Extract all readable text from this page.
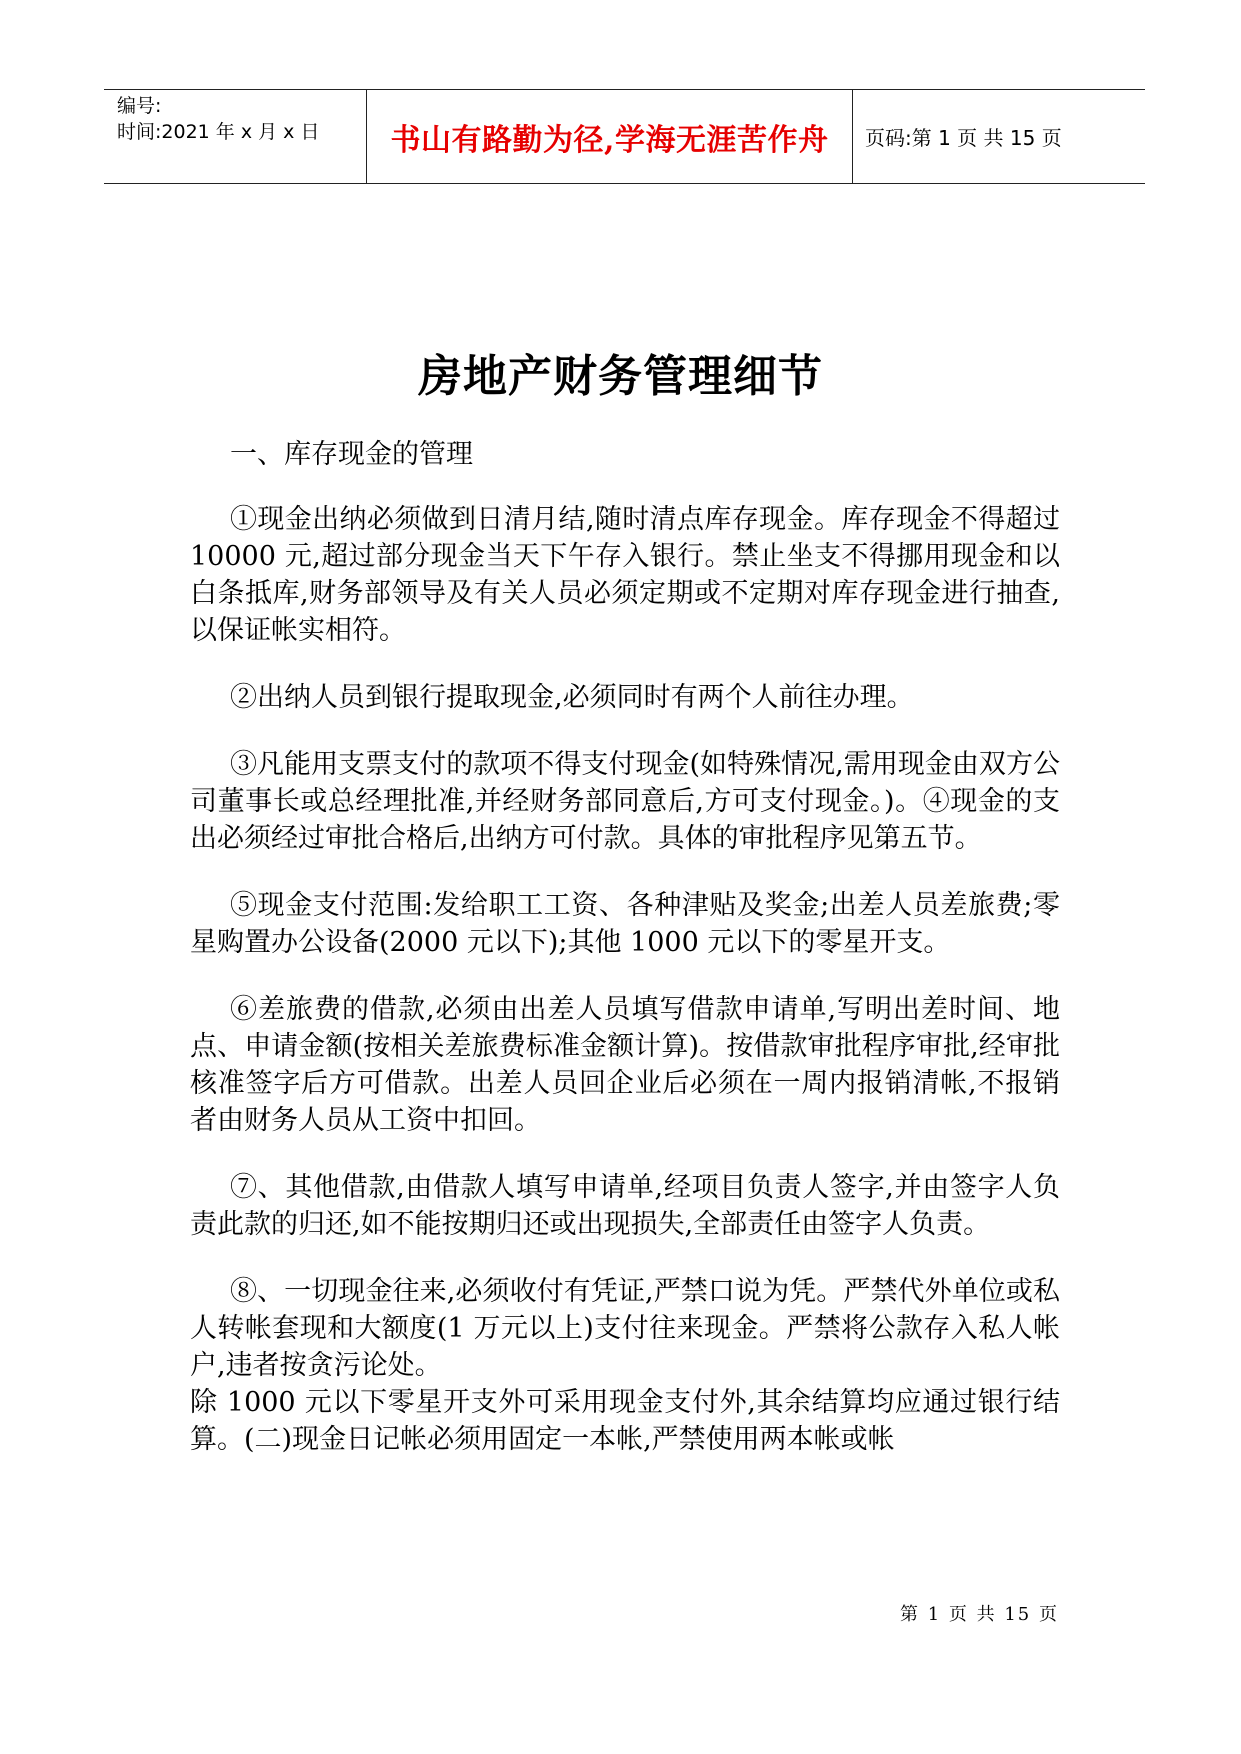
编号:
时间:2021 年 x 月 x 日	书山有路勤为径,学海无涯苦作舟	页码:第 1 页 共 15 页
房地产财务管理细节

一、库存现金的管理

①现金出纳必须做到日清月结,随时清点库存现金。库存现金不得超过 10000 元,超过部分现金当天下午存入银行。禁止坐支不得挪用现金和以白条抵库,财务部领导及有关人员必须定期或不定期对库存现金进行抽查,以保证帐实相符。

②出纳人员到银行提取现金,必须同时有两个人前往办理。

③凡能用支票支付的款项不得支付现金(如特殊情况,需用现金由双方公司董事长或总经理批准,并经财务部同意后,方可支付现金。)。④现金的支出必须经过审批合格后,出纳方可付款。具体的审批程序见第五节。

⑤现金支付范围:发给职工工资、各种津贴及奖金;出差人员差旅费;零星购置办公设备(2000 元以下);其他 1000 元以下的零星开支。

⑥差旅费的借款,必须由出差人员填写借款申请单,写明出差时间、地点、申请金额(按相关差旅费标准金额计算)。按借款审批程序审批,经审批核准签字后方可借款。出差人员回企业后必须在一周内报销清帐,不报销者由财务人员从工资中扣回。

⑦、其他借款,由借款人填写申请单,经项目负责人签字,并由签字人负责此款的归还,如不能按期归还或出现损失,全部责任由签字人负责。

⑧、一切现金往来,必须收付有凭证,严禁口说为凭。严禁代外单位或私人转帐套现和大额度(1 万元以上)支付往来现金。严禁将公款存入私人帐户,违者按贪污论处。

除 1000 元以下零星开支外可采用现金支付外,其余结算均应通过银行结算。(二)现金日记帐必须用固定一本帐,严禁使用两本帐或帐

第 1 页 共 15 页
